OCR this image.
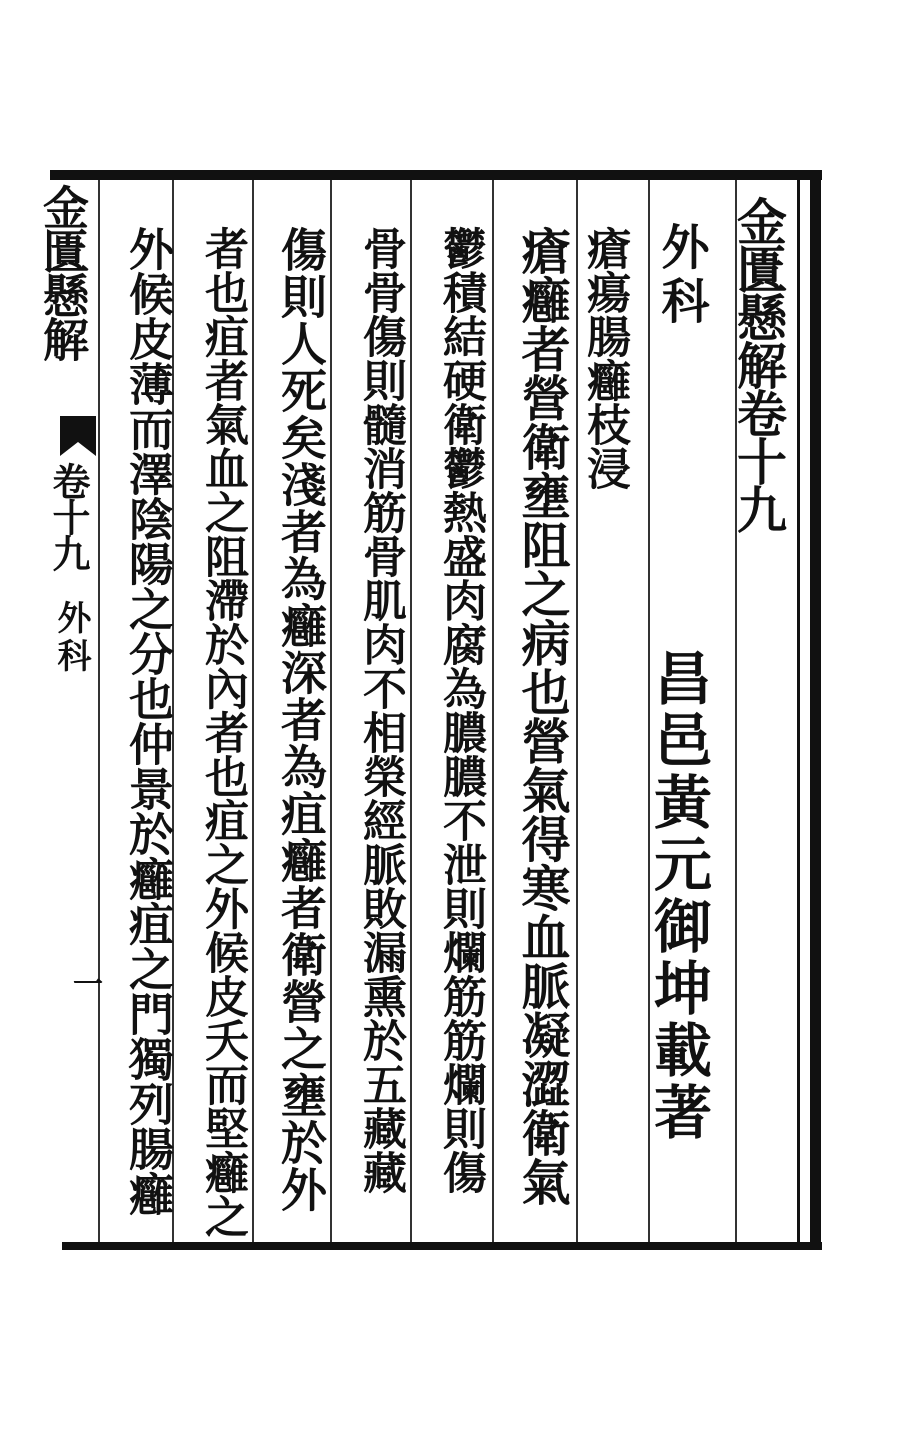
金匱懸解卷十九
外科
昌邑黃元御坤載著
瘡瘍腸癰枝浸
瘡癰者營衛壅阻之病也營氣得寒血脈凝澀衛氣
鬱積結硬衛鬱熱盛肉腐為膿膿不泄則爛筋筋爛則傷
骨骨傷則髓消筋骨肌肉不相榮經脈敗漏熏於五藏藏
傷則人死矣淺者為癰深者為疽癰者衛營之壅於外
者也疽者氣血之阻滯於內者也疽之外候皮夭而堅癰之
外候皮薄而澤陰陽之分也仲景於癰疽之門獨列腸癰
金匱懸解
卷十九
外科
一
